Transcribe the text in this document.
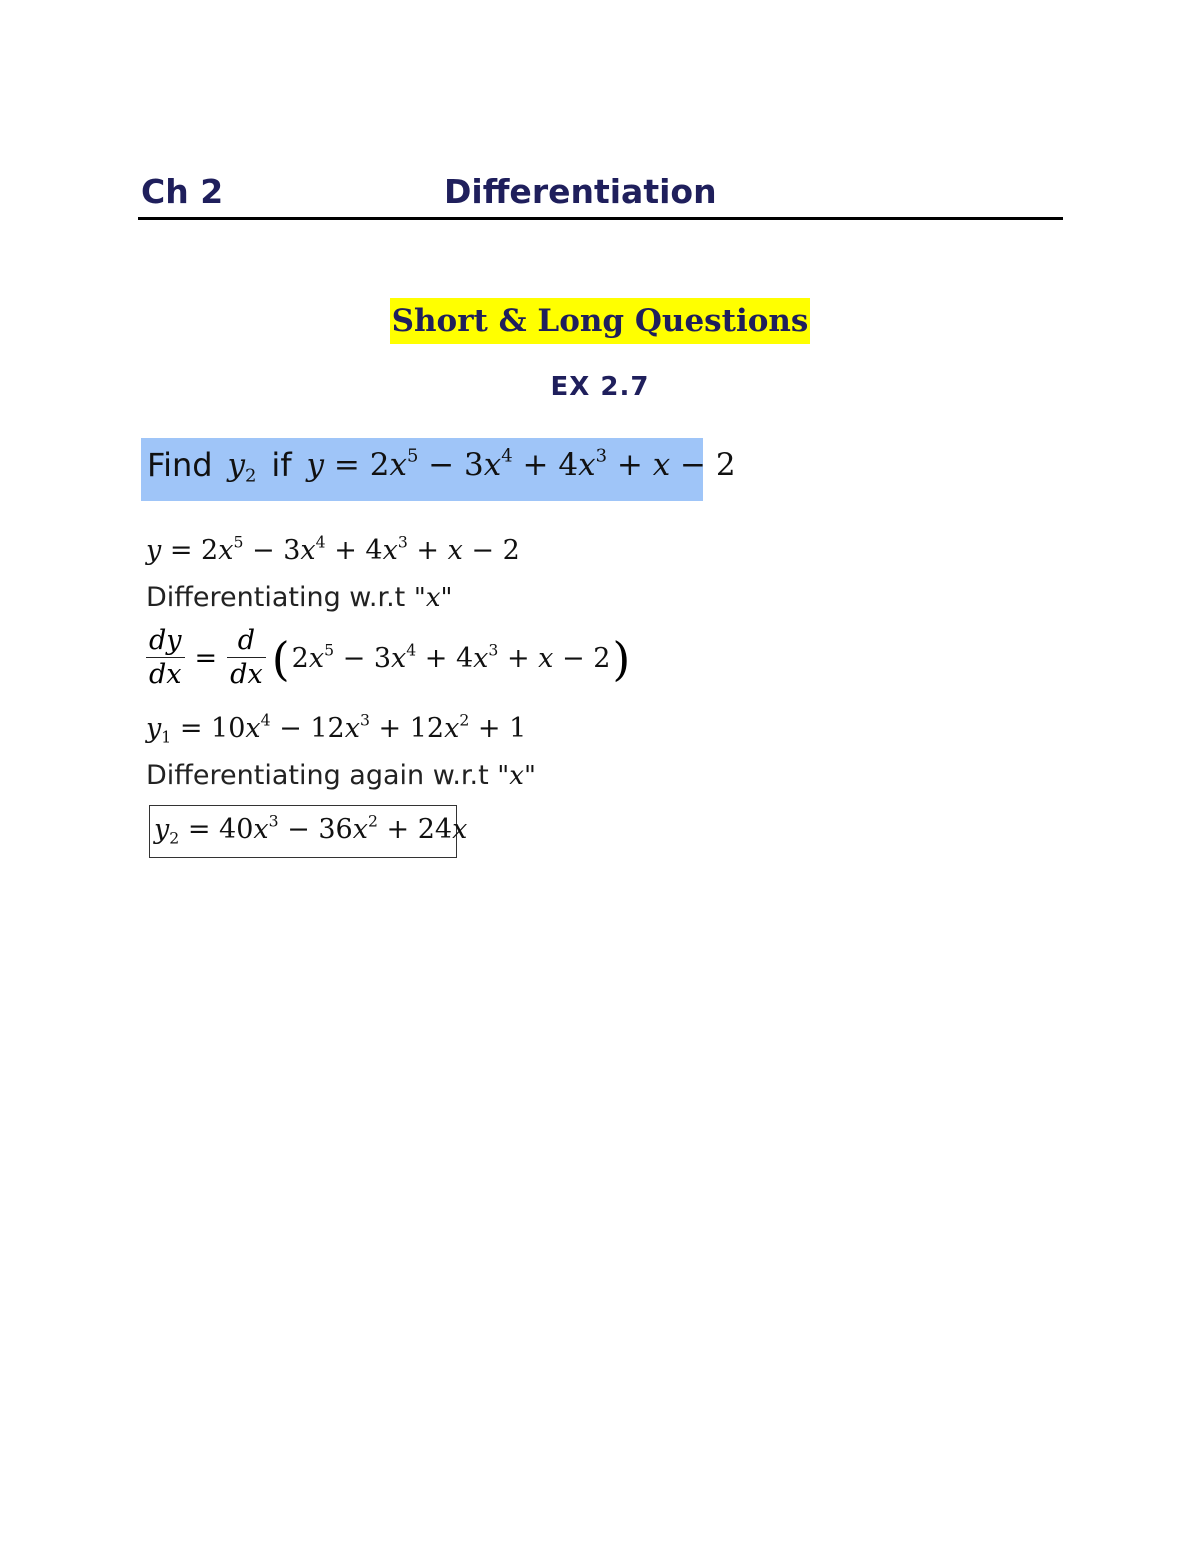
Ch 2	Differentiation
Short & Long Questions
EX 2.7
Find $y_2$ if $y = 2x^5 - 3x^4 + 4x^3 + x - 2$
$y = 2x^5 - 3x^4 + 4x^3 + x - 2$
Differentiating w.r.t "x"
$\frac{dy}{dx} = \frac{d}{dx}$ ( $2x^5 - 3x^4 + 4x^3 + x - 2$ )
$y_1 = 10x^4 - 12x^3 + 12x^2 + 1$
Differentiating again w.r.t "x"
$y_2 = 40x^3 - 36x^2 + 24x$
